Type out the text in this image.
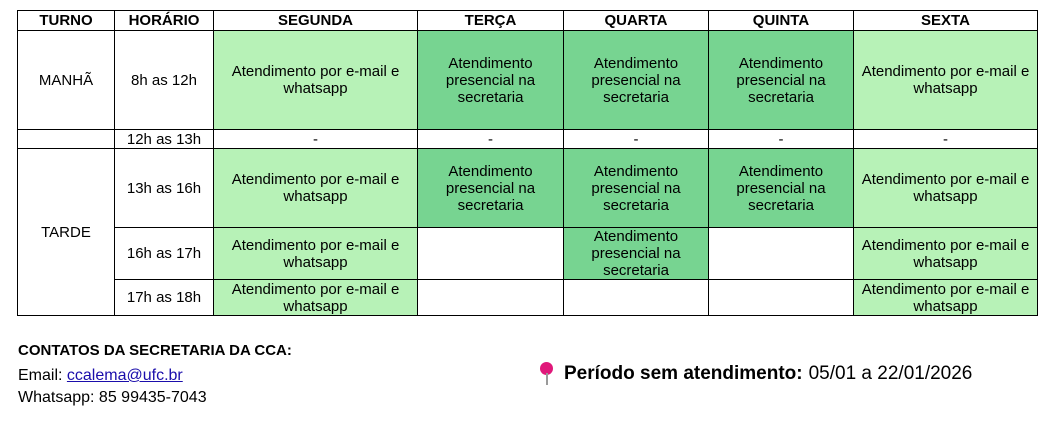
TURNO	HORÁRIO	SEGUNDA	TERÇA	QUARTA	QUINTA	SEXTA
MANHÃ	8h as 12h	Atendimento por e-mail e whatsapp	Atendimento presencial na secretaria	Atendimento presencial na secretaria	Atendimento presencial na secretaria	Atendimento por e-mail e whatsapp
	12h as 13h	-	-	-	-	-
TARDE	13h as 16h	Atendimento por e-mail e whatsapp	Atendimento presencial na secretaria	Atendimento presencial na secretaria	Atendimento presencial na secretaria	Atendimento por e-mail e whatsapp
	16h as 17h	Atendimento por e-mail e whatsapp		Atendimento presencial na secretaria		Atendimento por e-mail e whatsapp
	17h as 18h	Atendimento por e-mail e whatsapp				Atendimento por e-mail e whatsapp
CONTATOS DA SECRETARIA DA CCA:
Email: ccalema@ufc.br
Whatsapp: 85 99435-7043
Período sem atendimento: 05/01 a 22/01/2026
